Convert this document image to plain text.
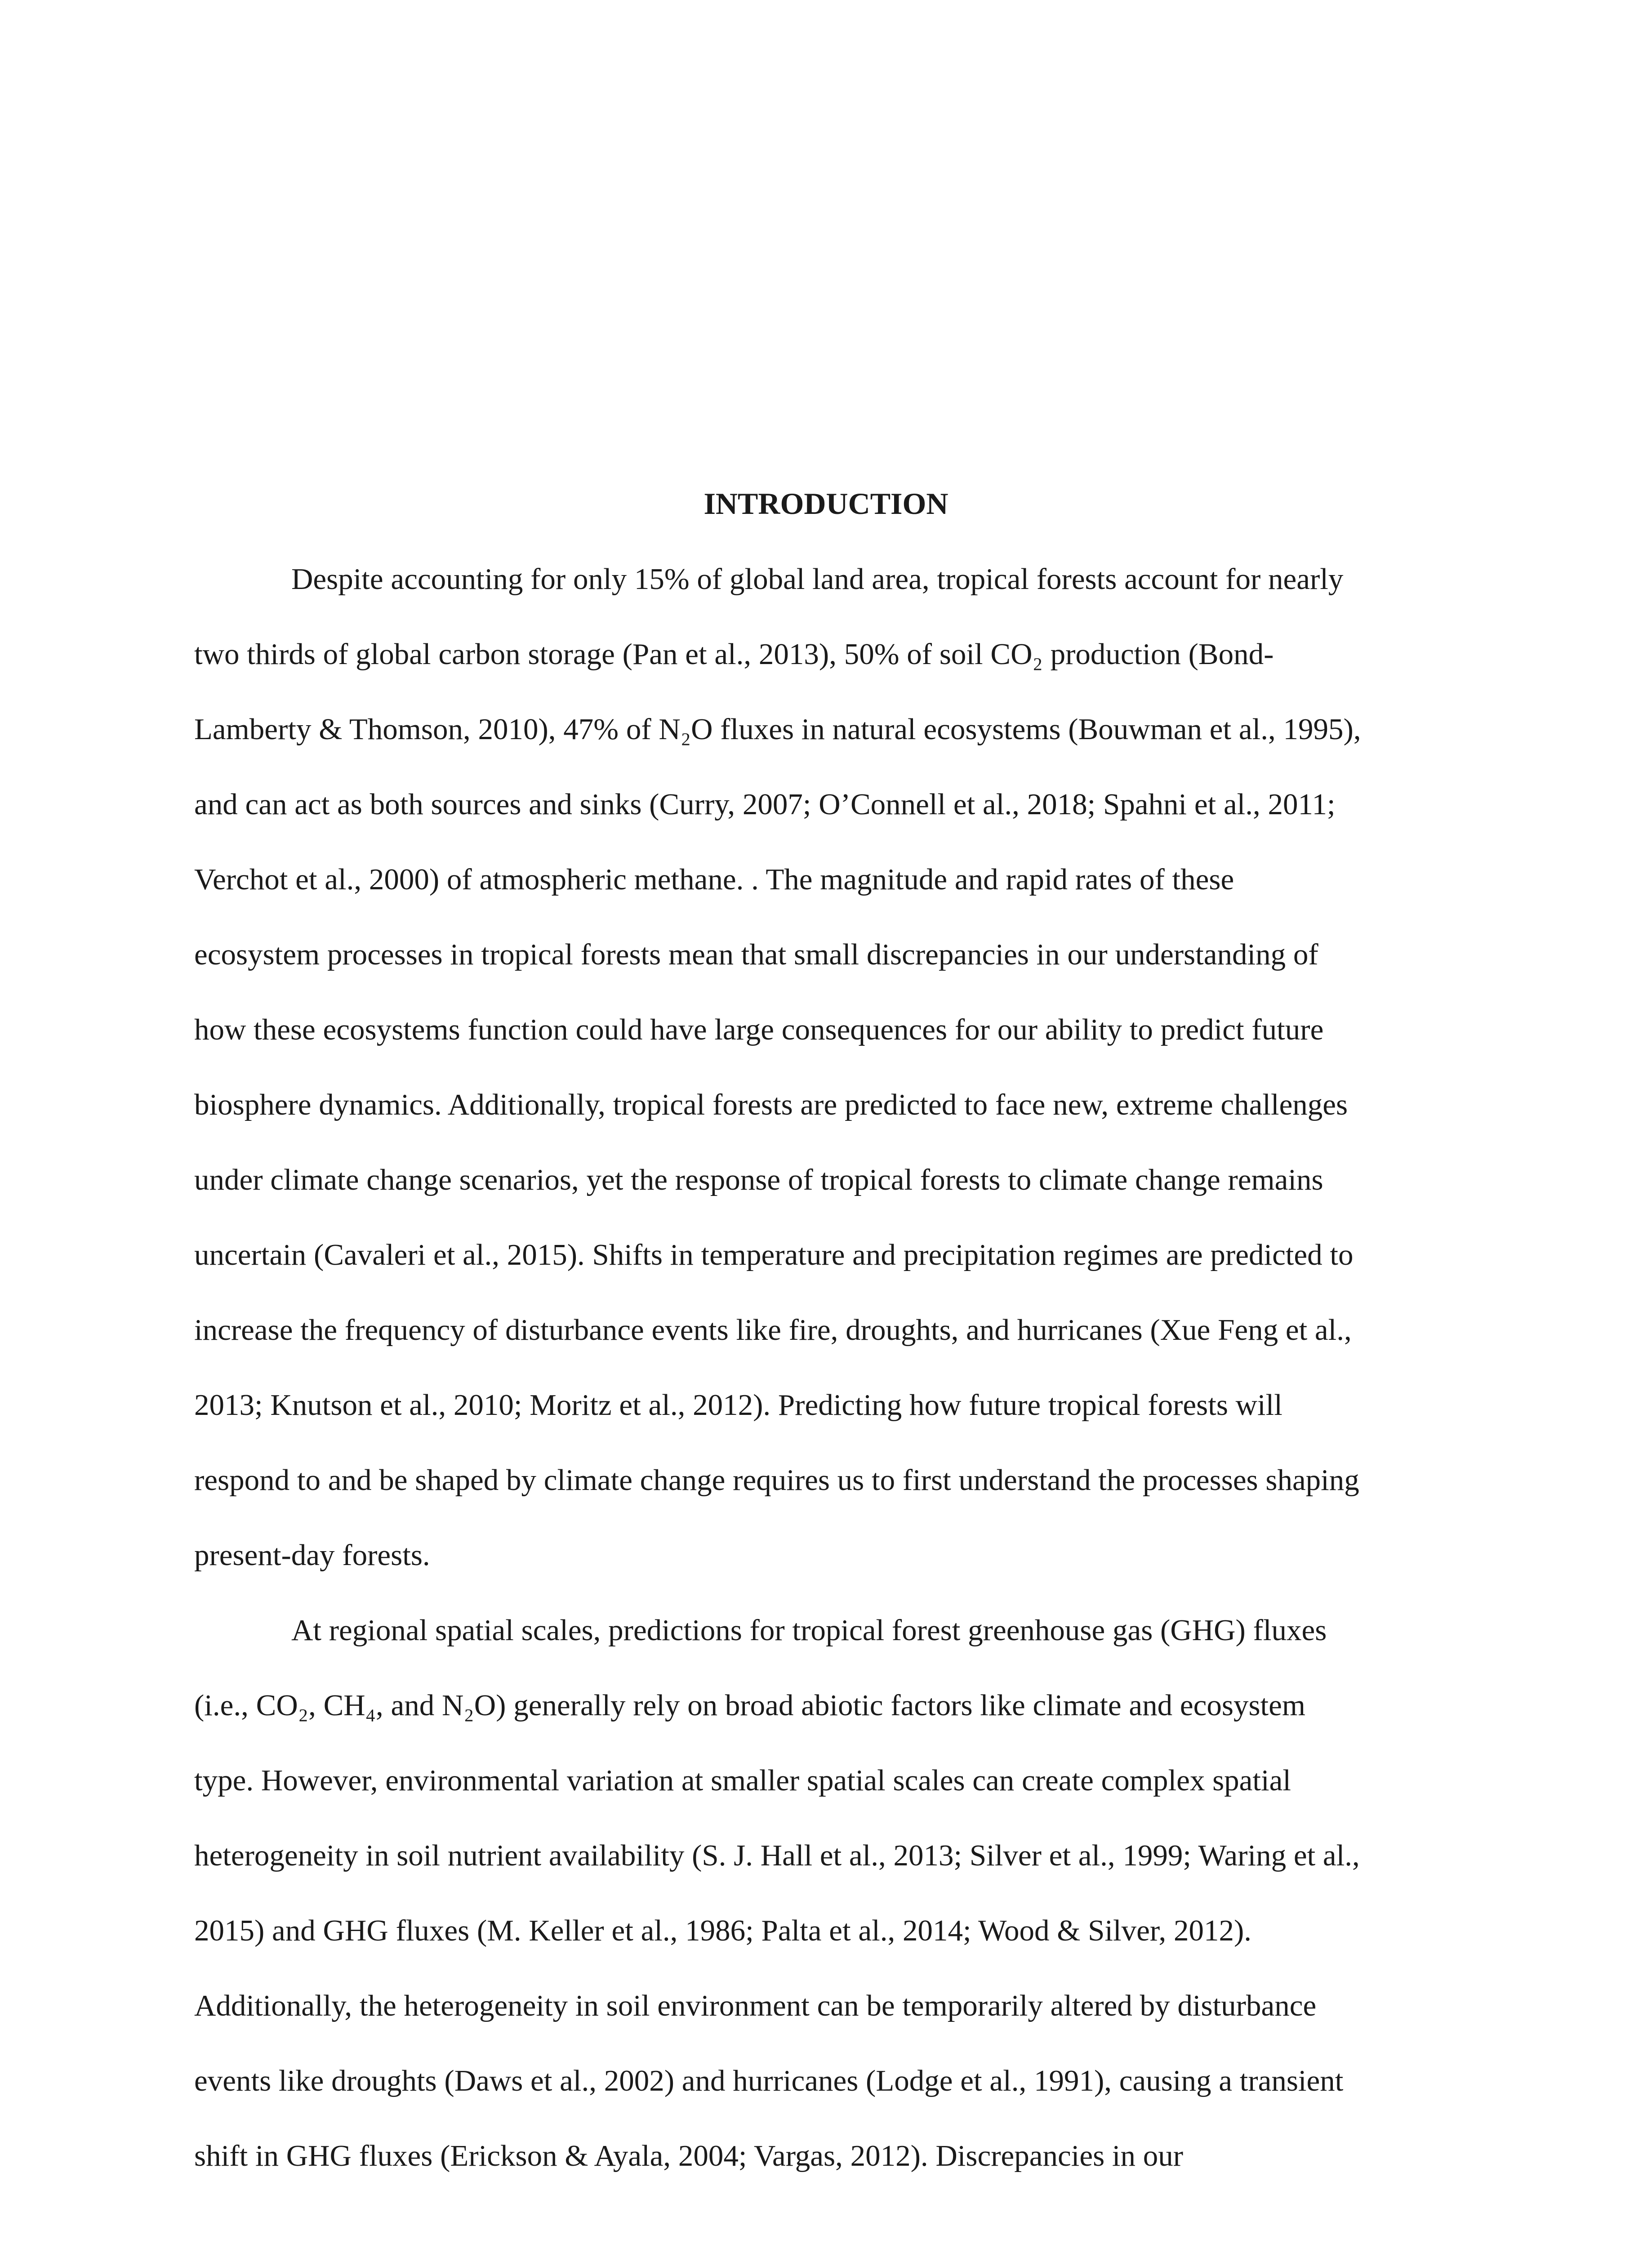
INTRODUCTION
Despite accounting for only 15% of global land area, tropical forests account for nearly
two thirds of global carbon storage (Pan et al., 2013), 50% of soil CO₂ production (Bond-
Lamberty & Thomson, 2010), 47% of N₂O fluxes in natural ecosystems (Bouwman et al., 1995),
and can act as both sources and sinks (Curry, 2007; O’Connell et al., 2018; Spahni et al., 2011;
Verchot et al., 2000) of atmospheric methane. . The magnitude and rapid rates of these
ecosystem processes in tropical forests mean that small discrepancies in our understanding of
how these ecosystems function could have large consequences for our ability to predict future
biosphere dynamics. Additionally, tropical forests are predicted to face new, extreme challenges
under climate change scenarios, yet the response of tropical forests to climate change remains
uncertain (Cavaleri et al., 2015). Shifts in temperature and precipitation regimes are predicted to
increase the frequency of disturbance events like fire, droughts, and hurricanes (Xue Feng et al.,
2013; Knutson et al., 2010; Moritz et al., 2012). Predicting how future tropical forests will
respond to and be shaped by climate change requires us to first understand the processes shaping
present-day forests.
At regional spatial scales, predictions for tropical forest greenhouse gas (GHG) fluxes
(i.e., CO₂, CH₄, and N₂O) generally rely on broad abiotic factors like climate and ecosystem
type. However, environmental variation at smaller spatial scales can create complex spatial
heterogeneity in soil nutrient availability (S. J. Hall et al., 2013; Silver et al., 1999; Waring et al.,
2015) and GHG fluxes (M. Keller et al., 1986; Palta et al., 2014; Wood & Silver, 2012).
Additionally, the heterogeneity in soil environment can be temporarily altered by disturbance
events like droughts (Daws et al., 2002) and hurricanes (Lodge et al., 1991), causing a transient
shift in GHG fluxes (Erickson & Ayala, 2004; Vargas, 2012). Discrepancies in our
